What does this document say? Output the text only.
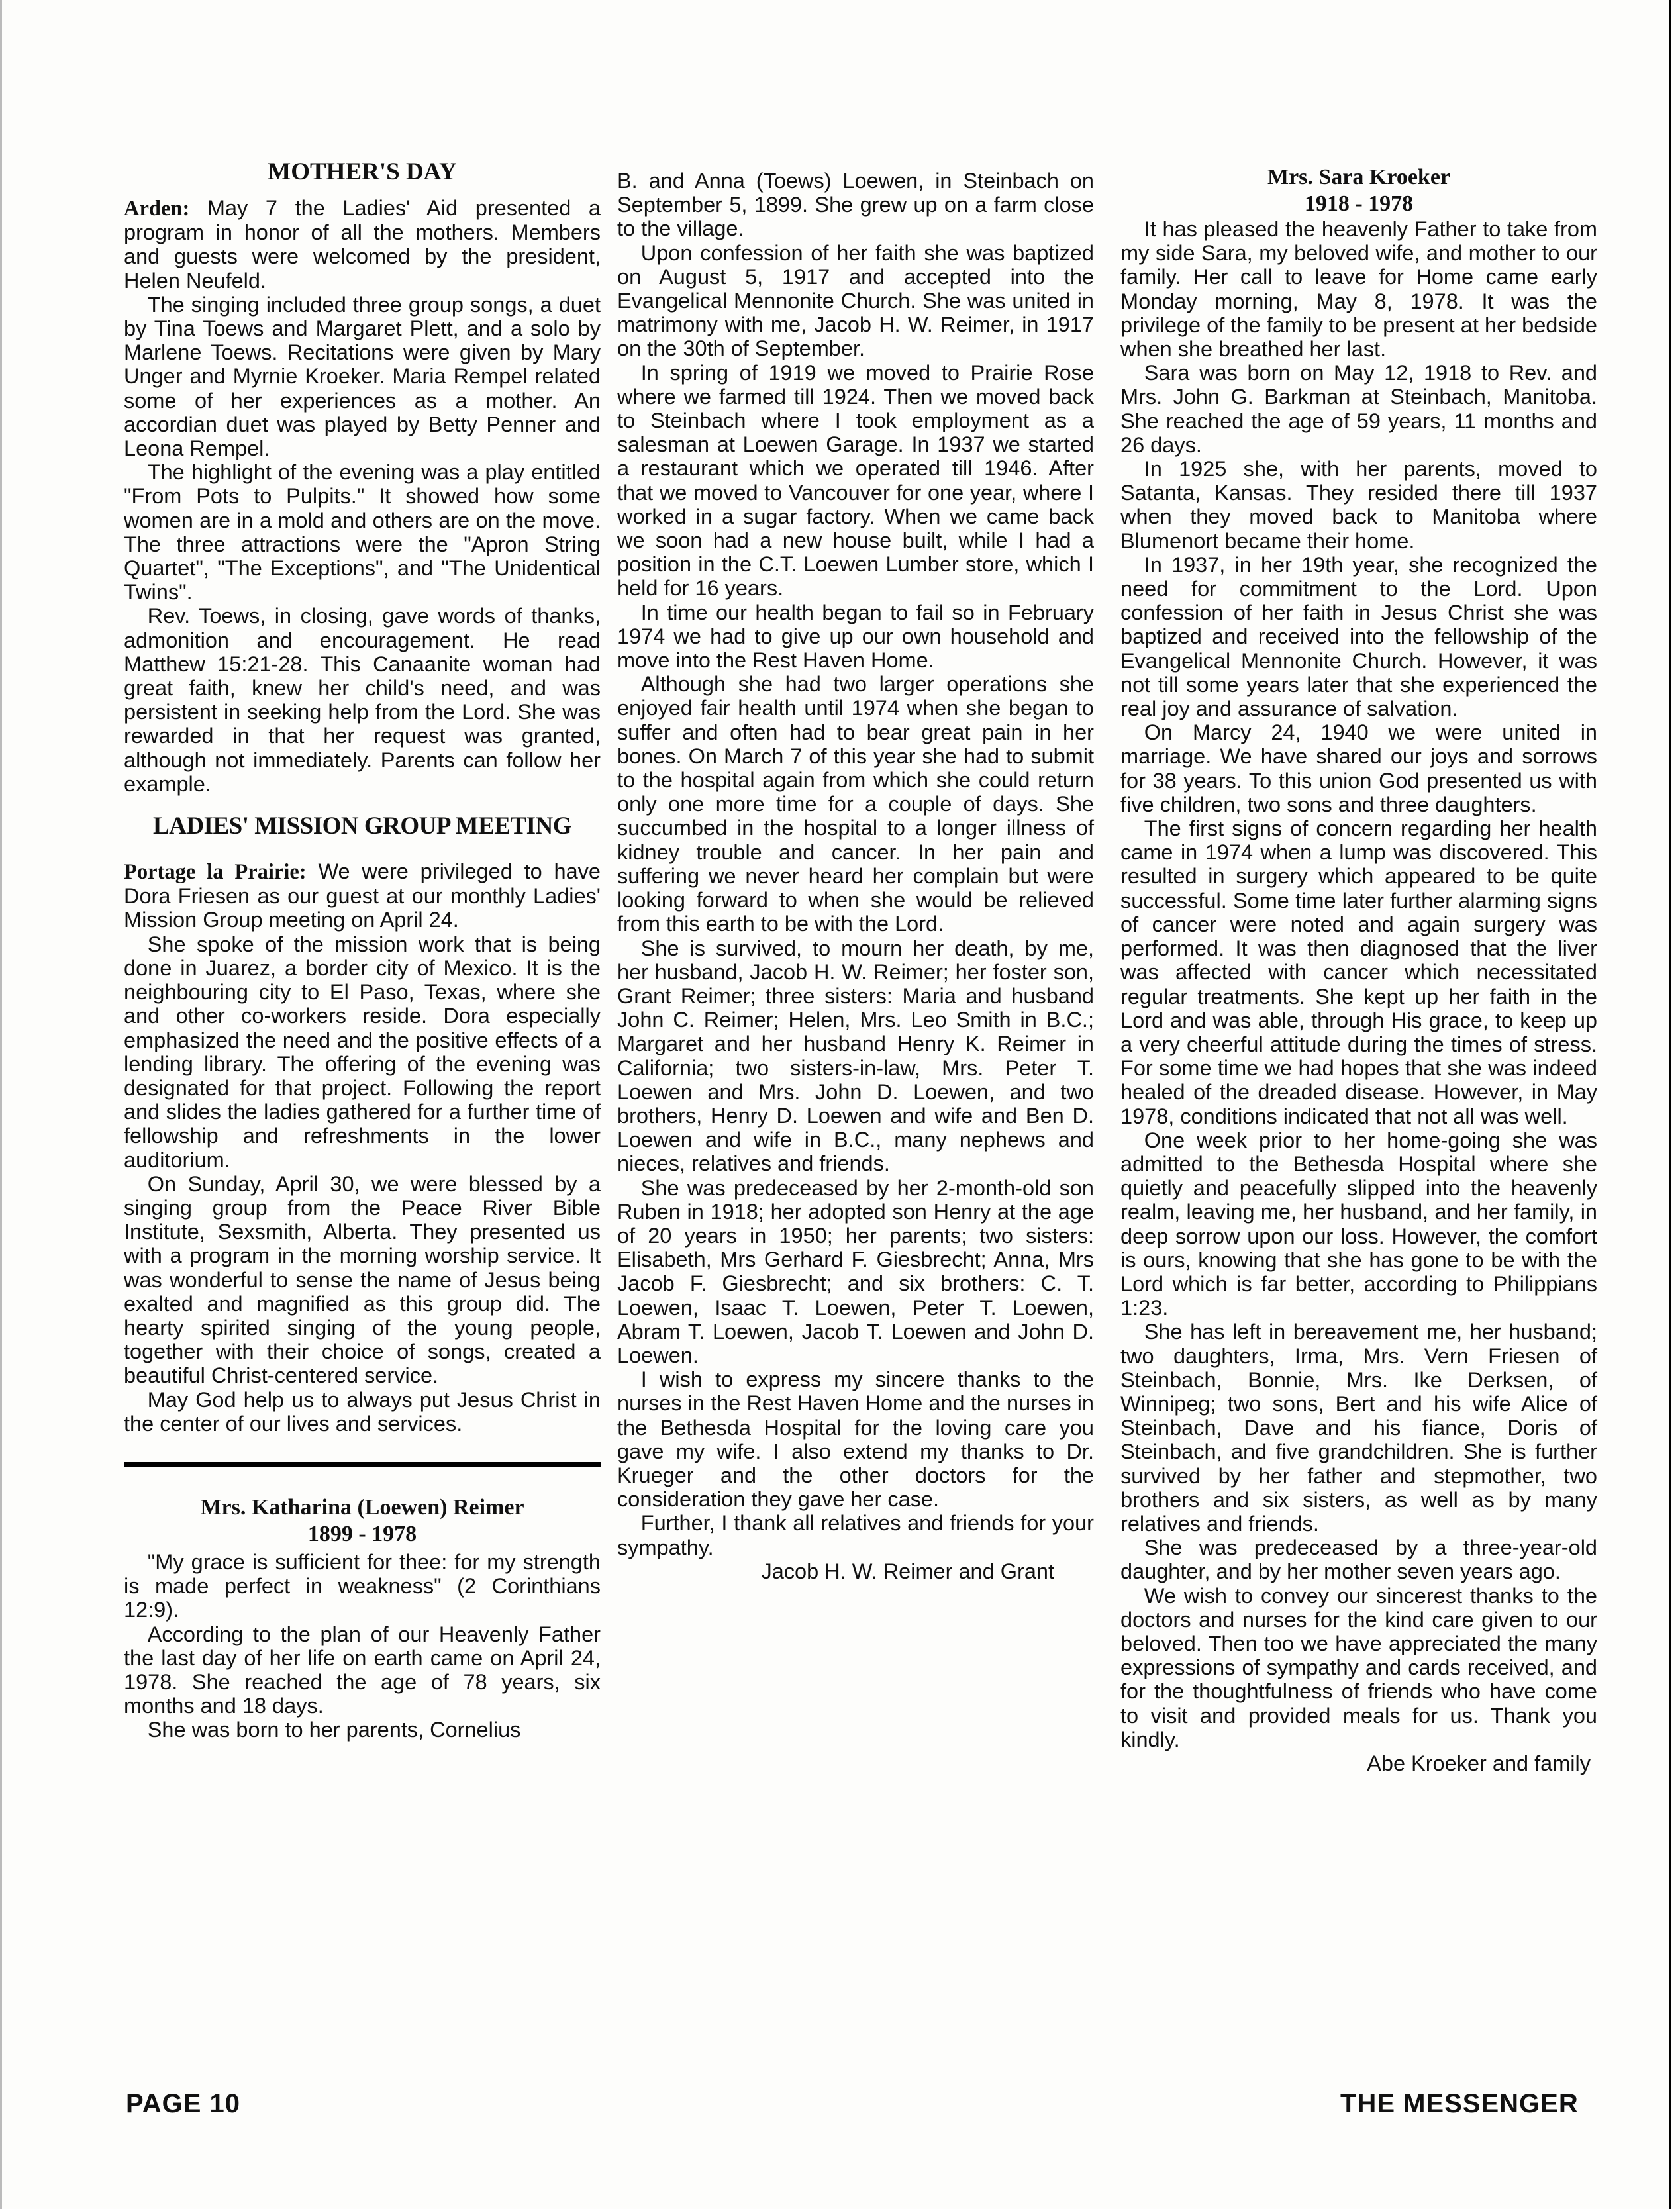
MOTHER'S DAY

Arden: May 7 the Ladies' Aid presented a program in honor of all the mothers. Members and guests were welcomed by the president, Helen Neufeld.

The singing included three group songs, a duet by Tina Toews and Margaret Plett, and a solo by Marlene Toews. Recitations were given by Mary Unger and Myrnie Kroeker. Maria Rempel related some of her experiences as a mother. An accordian duet was played by Betty Penner and Leona Rempel.

The highlight of the evening was a play entitled "From Pots to Pulpits." It showed how some women are in a mold and others are on the move. The three attractions were the "Apron String Quartet", "The Exceptions", and "The Unidentical Twins".

Rev. Toews, in closing, gave words of thanks, admonition and encouragement. He read Matthew 15:21-28. This Canaanite woman had great faith, knew her child's need, and was persistent in seeking help from the Lord. She was rewarded in that her request was granted, although not immediately. Parents can follow her example.

LADIES' MISSION GROUP MEETING

Portage la Prairie: We were privileged to have Dora Friesen as our guest at our monthly Ladies' Mission Group meeting on April 24.

She spoke of the mission work that is being done in Juarez, a border city of Mexico. It is the neighbouring city to El Paso, Texas, where she and other co-workers reside. Dora especially emphasized the need and the positive effects of a lending library. The offering of the evening was designated for that project. Following the report and slides the ladies gathered for a further time of fellowship and refreshments in the lower auditorium.

On Sunday, April 30, we were blessed by a singing group from the Peace River Bible Institute, Sexsmith, Alberta. They presented us with a program in the morning worship service. It was wonderful to sense the name of Jesus being exalted and magnified as this group did. The hearty spirited singing of the young people, together with their choice of songs, created a beautiful Christ-centered service.

May God help us to always put Jesus Christ in the center of our lives and services.

Mrs. Katharina (Loewen) Reimer
1899 - 1978

"My grace is sufficient for thee: for my strength is made perfect in weakness" (2 Corinthians 12:9).

According to the plan of our Heavenly Father the last day of her life on earth came on April 24, 1978. She reached the age of 78 years, six months and 18 days.

She was born to her parents, Cornelius

B. and Anna (Toews) Loewen, in Steinbach on September 5, 1899. She grew up on a farm close to the village.

Upon confession of her faith she was baptized on August 5, 1917 and accepted into the Evangelical Mennonite Church. She was united in matrimony with me, Jacob H. W. Reimer, in 1917 on the 30th of September.

In spring of 1919 we moved to Prairie Rose where we farmed till 1924. Then we moved back to Steinbach where I took employment as a salesman at Loewen Garage. In 1937 we started a restaurant which we operated till 1946. After that we moved to Vancouver for one year, where I worked in a sugar factory. When we came back we soon had a new house built, while I had a position in the C.T. Loewen Lumber store, which I held for 16 years.

In time our health began to fail so in February 1974 we had to give up our own household and move into the Rest Haven Home.

Although she had two larger operations she enjoyed fair health until 1974 when she began to suffer and often had to bear great pain in her bones. On March 7 of this year she had to submit to the hospital again from which she could return only one more time for a couple of days. She succumbed in the hospital to a longer illness of kidney trouble and cancer. In her pain and suffering we never heard her complain but were looking forward to when she would be relieved from this earth to be with the Lord.

She is survived, to mourn her death, by me, her husband, Jacob H. W. Reimer; her foster son, Grant Reimer; three sisters: Maria and husband John C. Reimer; Helen, Mrs. Leo Smith in B.C.; Margaret and her husband Henry K. Reimer in California; two sisters-in-law, Mrs. Peter T. Loewen and Mrs. John D. Loewen, and two brothers, Henry D. Loewen and wife and Ben D. Loewen and wife in B.C., many nephews and nieces, relatives and friends.

She was predeceased by her 2-month-old son Ruben in 1918; her adopted son Henry at the age of 20 years in 1950; her parents; two sisters: Elisabeth, Mrs Gerhard F. Giesbrecht; Anna, Mrs Jacob F. Giesbrecht; and six brothers: C. T. Loewen, Isaac T. Loewen, Peter T. Loewen, Abram T. Loewen, Jacob T. Loewen and John D. Loewen.

I wish to express my sincere thanks to the nurses in the Rest Haven Home and the nurses in the Bethesda Hospital for the loving care you gave my wife. I also extend my thanks to Dr. Krueger and the other doctors for the consideration they gave her case.

Further, I thank all relatives and friends for your sympathy.

Jacob H. W. Reimer and Grant

Mrs. Sara Kroeker
1918 - 1978

It has pleased the heavenly Father to take from my side Sara, my beloved wife, and mother to our family. Her call to leave for Home came early Monday morning, May 8, 1978. It was the privilege of the family to be present at her bedside when she breathed her last.

Sara was born on May 12, 1918 to Rev. and Mrs. John G. Barkman at Steinbach, Manitoba. She reached the age of 59 years, 11 months and 26 days.

In 1925 she, with her parents, moved to Satanta, Kansas. They resided there till 1937 when they moved back to Manitoba where Blumenort became their home.

In 1937, in her 19th year, she recognized the need for commitment to the Lord. Upon confession of her faith in Jesus Christ she was baptized and received into the fellowship of the Evangelical Mennonite Church. However, it was not till some years later that she experienced the real joy and assurance of salvation.

On Marcy 24, 1940 we were united in marriage. We have shared our joys and sorrows for 38 years. To this union God presented us with five children, two sons and three daughters.

The first signs of concern regarding her health came in 1974 when a lump was discovered. This resulted in surgery which appeared to be quite successful. Some time later further alarming signs of cancer were noted and again surgery was performed. It was then diagnosed that the liver was affected with cancer which necessitated regular treatments. She kept up her faith in the Lord and was able, through His grace, to keep up a very cheerful attitude during the times of stress. For some time we had hopes that she was indeed healed of the dreaded disease. However, in May 1978, conditions indicated that not all was well.

One week prior to her home-going she was admitted to the Bethesda Hospital where she quietly and peacefully slipped into the heavenly realm, leaving me, her husband, and her family, in deep sorrow upon our loss. However, the comfort is ours, knowing that she has gone to be with the Lord which is far better, according to Philippians 1:23.

She has left in bereavement me, her husband; two daughters, Irma, Mrs. Vern Friesen of Steinbach, Bonnie, Mrs. Ike Derksen, of Winnipeg; two sons, Bert and his wife Alice of Steinbach, Dave and his fiance, Doris of Steinbach, and five grandchildren. She is further survived by her father and stepmother, two brothers and six sisters, as well as by many relatives and friends.

She was predeceased by a three-year-old daughter, and by her mother seven years ago.

We wish to convey our sincerest thanks to the doctors and nurses for the kind care given to our beloved. Then too we have appreciated the many expressions of sympathy and cards received, and for the thoughtfulness of friends who have come to visit and provided meals for us. Thank you kindly.

Abe Kroeker and family

PAGE 10	THE MESSENGER
